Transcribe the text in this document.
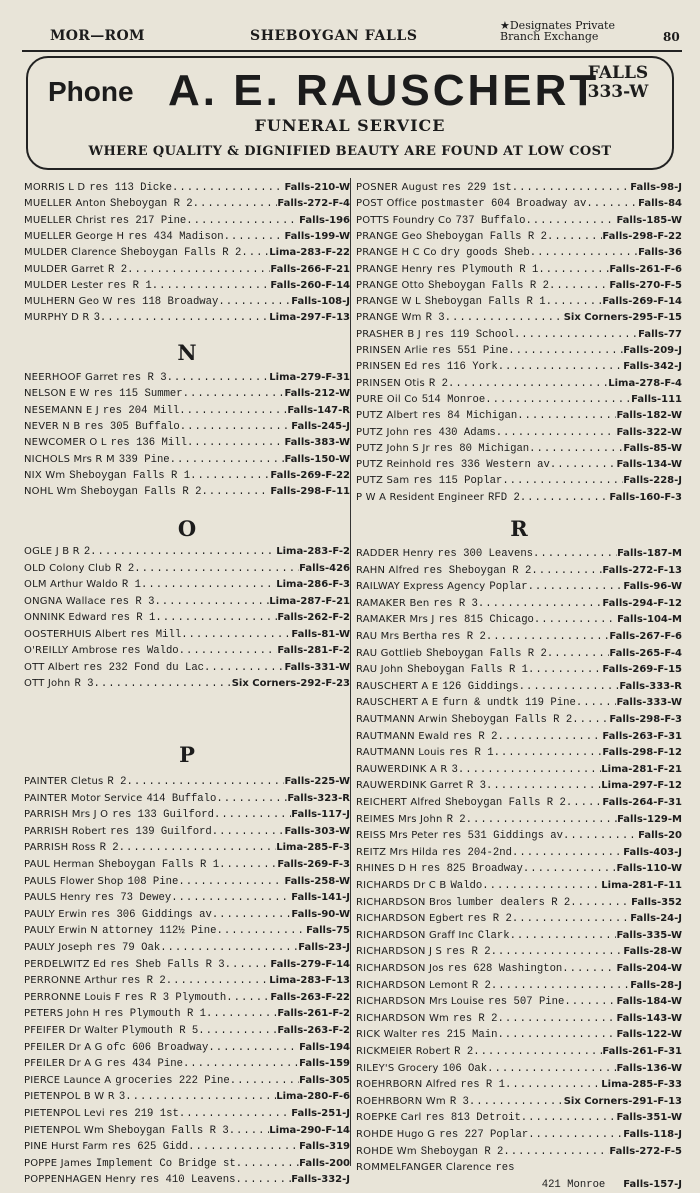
MOR—ROM	SHEBOYGAN FALLS
★Designates Private
Branch Exchange	80
Phone A. E. RAUSCHERT
FALLS
333-W
FUNERAL SERVICE
WHERE QUALITY & DIGNIFIED BEAUTY ARE FOUND AT LOW COST
MORRIS L D res 113 Dicke .....	Falls-210-W
MUELLER Anton Sheboygan R 2 .....	Falls-272-F-4
MUELLER Christ res 217 Pine .....	Falls-196
MUELLER George H res 434 Madison .....	Falls-199-W
MULDER Clarence Sheboygan Falls R 2 .....	Lima-283-F-22
MULDER Garret R 2 .....	Falls-266-F-21
MULDER Lester res R 1 .....	Falls-260-F-14
MULHERN Geo W res 118 Broadway .....	Falls-108-J
MURPHY D R 3 .....	Lima-297-F-13
N
NEERHOOF Garret res R 3 .....	Lima-279-F-31
NELSON E W res 115 Summer .....	Falls-212-W
NESEMANN E J res 204 Mill .....	Falls-147-R
NEVER N B res 305 Buffalo .....	Falls-245-J
NEWCOMER O L res 136 Mill .....	Falls-383-W
NICHOLS Mrs R M 339 Pine .....	Falls-150-W
NIX Wm Sheboygan Falls R 1 .....	Falls-269-F-22
NOHL Wm Sheboygan Falls R 2 .....	Falls-298-F-11
O
OGLE J B R 2 .....	Lima-283-F-2
OLD Colony Club R 2 .....	Falls-426
OLM Arthur Waldo R 1 .....	Lima-286-F-3
ONGNA Wallace res R 3 .....	Lima-287-F-21
ONNINK Edward res R 1 .....	Falls-262-F-2
OOSTERHUIS Albert res Mill .....	Falls-81-W
O'REILLY Ambrose res Waldo .....	Falls-281-F-2
OTT Albert res 232 Fond du Lac .....	Falls-331-W
OTT John R 3 .....	Six Corners-292-F-23
P
PAINTER Cletus R 2 .....	Falls-225-W
PAINTER Motor Service 414 Buffalo .....	Falls-323-R
PARRISH Mrs J O res 133 Guilford .....	Falls-117-J
PARRISH Robert res 139 Guilford .....	Falls-303-W
PARRISH Ross R 2 .....	Lima-285-F-3
PAUL Herman Sheboygan Falls R 1 .....	Falls-269-F-3
PAULS Flower Shop 108 Pine .....	Falls-258-W
PAULS Henry res 73 Dewey .....	Falls-141-J
PAULY Erwin res 306 Giddings av .....	Falls-90-W
PAULY Erwin N attorney 112½ Pine .....	Falls-75
PAULY Joseph res 79 Oak .....	Falls-23-J
PERDELWITZ Ed res Sheb Falls R 3 .....	Falls-279-F-14
PERRONNE Arthur res R 2 .....	Lima-283-F-13
PERRONNE Louis F res R 3 Plymouth .....	Falls-263-F-22
PETERS John H res Plymouth R 1 .....	Falls-261-F-2
PFEIFER Dr Walter Plymouth R 5 .....	Falls-263-F-2
PFEILER Dr A G ofc 606 Broadway .....	Falls-194
PFEILER Dr A G res 434 Pine .....	Falls-159
PIERCE Launce A groceries 222 Pine .....	Falls-305
PIETENPOL B W R 3 .....	Lima-280-F-6
PIETENPOL Levi res 219 1st .....	Falls-251-J
PIETENPOL Wm Sheboygan Falls R 3 .....	Lima-290-F-14
PINE Hurst Farm res 625 Gidd .....	Falls-319
POPPE James Implement Co Bridge st .....	Falls-200
POPPENHAGEN Henry res 410 Leavens .....	Falls-332-J
POSNER August res 229 1st .....	Falls-98-J
POST Office postmaster 604 Broadway av .....	Falls-84
POTTS Foundry Co 737 Buffalo .....	Falls-185-W
PRANGE Geo Sheboygan Falls R 2 .....	Falls-298-F-22
PRANGE H C Co dry goods Sheb .....	Falls-36
PRANGE Henry res Plymouth R 1 .....	Falls-261-F-6
PRANGE Otto Sheboygan Falls R 2 .....	Falls-270-F-5
PRANGE W L Sheboygan Falls R 1 .....	Falls-269-F-14
PRANGE Wm R 3 .....	Six Corners-295-F-15
PRASHER B J res 119 School .....	Falls-77
PRINSEN Arlie res 551 Pine .....	Falls-209-J
PRINSEN Ed res 116 York .....	Falls-342-J
PRINSEN Otis R 2 .....	Lima-278-F-4
PURE Oil Co 514 Monroe .....	Falls-111
PUTZ Albert res 84 Michigan .....	Falls-182-W
PUTZ John res 430 Adams .....	Falls-322-W
PUTZ John S Jr res 80 Michigan .....	Falls-85-W
PUTZ Reinhold res 336 Western av .....	Falls-134-W
PUTZ Sam res 115 Poplar .....	Falls-228-J
P W A Resident Engineer RFD 2 .....	Falls-160-F-3
R
RADDER Henry res 300 Leavens .....	Falls-187-M
RAHN Alfred res Sheboygan R 2 .....	Falls-272-F-13
RAILWAY Express Agency Poplar .....	Falls-96-W
RAMAKER Ben res R 3 .....	Falls-294-F-12
RAMAKER Mrs J res 815 Chicago .....	Falls-104-M
RAU Mrs Bertha res R 2 .....	Falls-267-F-6
RAU Gottlieb Sheboygan Falls R 2 .....	Falls-265-F-4
RAU John Sheboygan Falls R 1 .....	Falls-269-F-15
RAUSCHERT A E 126 Giddings .....	Falls-333-R
RAUSCHERT A E furn & undtk 119 Pine .....	Falls-333-W
RAUTMANN Arwin Sheboygan Falls R 2 .....	Falls-298-F-3
RAUTMANN Ewald res R 2 .....	Falls-263-F-31
RAUTMANN Louis res R 1 .....	Falls-298-F-12
RAUWERDINK A R 3 .....	Lima-281-F-21
RAUWERDINK Garret R 3 .....	Lima-297-F-12
REICHERT Alfred Sheboygan Falls R 2 .....	Falls-264-F-31
REIMES Mrs John R 2 .....	Falls-129-M
REISS Mrs Peter res 531 Giddings av .....	Falls-20
REITZ Mrs Hilda res 204-2nd .....	Falls-403-J
RHINES D H res 825 Broadway .....	Falls-110-W
RICHARDS Dr C B Waldo .....	Lima-281-F-11
RICHARDSON Bros lumber dealers R 2 .....	Falls-352
RICHARDSON Egbert res R 2 .....	Falls-24-J
RICHARDSON Graff Inc Clark .....	Falls-335-W
RICHARDSON J S res R 2 .....	Falls-28-W
RICHARDSON Jos res 628 Washington .....	Falls-204-W
RICHARDSON Lemont R 2 .....	Falls-28-J
RICHARDSON Mrs Louise res 507 Pine .....	Falls-184-W
RICHARDSON Wm res R 2 .....	Falls-143-W
RICK Walter res 215 Main .....	Falls-122-W
RICKMEIER Robert R 2 .....	Falls-261-F-31
RILEY'S Grocery 106 Oak .....	Falls-136-W
ROEHRBORN Alfred res R 1 .....	Lima-285-F-33
ROEHRBORN Wm R 3 .....	Six Corners-291-F-13
ROEPKE Carl res 813 Detroit .....	Falls-351-W
ROHDE Hugo G res 227 Poplar .....	Falls-118-J
ROHDE Wm Sheboygan R 2 .....	Falls-272-F-5
ROMMELFANGER Clarence res
421 Monroe Falls-157-J
